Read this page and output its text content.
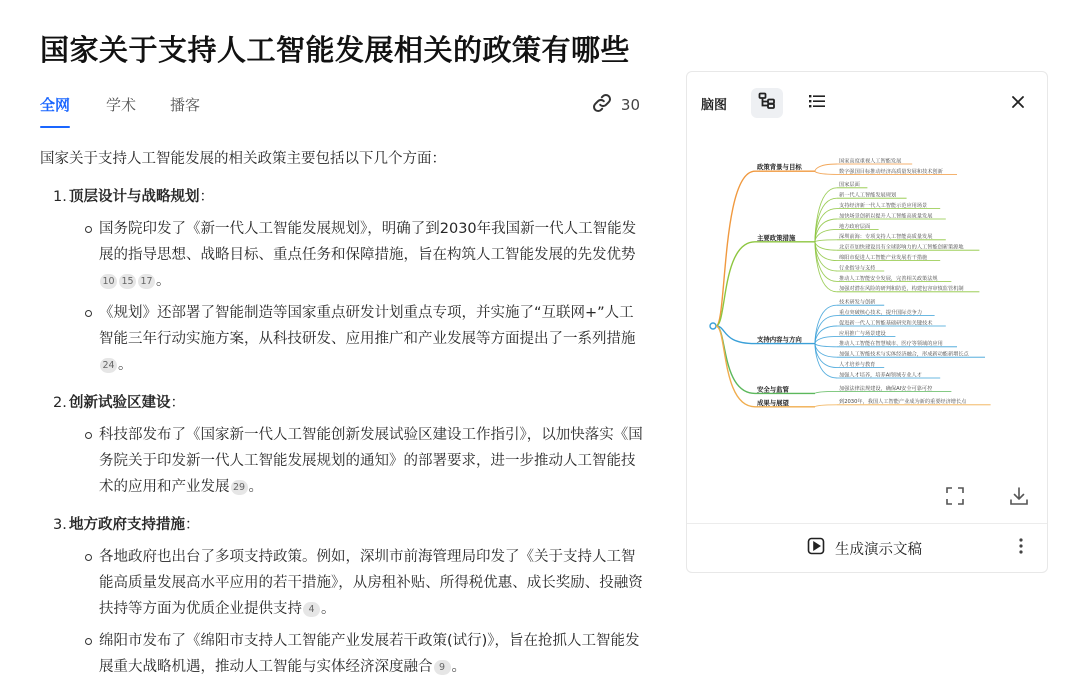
国家关于支持人工智能发展相关的政策有哪些
全网 学术 播客	30

国家关于支持人工智能发展的相关政策主要包括以下几个方面：

1. 顶层设计与战略规划：
国务院印发了《新一代人工智能发展规划》，明确了到2030年我国新一代人工智能发展的指导思想、战略目标、重点任务和保障措施，旨在构筑人工智能发展的先发优势10 15 17 。
《规划》还部署了智能制造等国家重点研发计划重点专项，并实施了“互联网+”人工智能三年行动实施方案，从科技研发、应用推广和产业发展等方面提出了一系列措施24 。
2. 创新试验区建设：
科技部发布了《国家新一代人工智能创新发展试验区建设工作指引》，以加快落实《国务院关于印发新一代人工智能发展规划的通知》的部署要求，进一步推动人工智能技术的应用和产业发展 29 。
3. 地方政府支持措施：
各地政府也出台了多项支持政策。例如，深圳市前海管理局印发了《关于支持人工智能高质量发展高水平应用的若干措施》，从房租补贴、所得税优惠、成长奖励、投融资扶持等方面为优质企业提供支持 4 。
绵阳市发布了《绵阳市支持人工智能产业发展若干政策(试行)》，旨在抢抓人工智能发展重大战略机遇，推动人工智能与实体经济深度融合 9 。
脑图
政策背景与目标
国家高度重视人工智能发展
数字强国目标推动经济高质量发展和技术创新
主要政策措施
国家层面
新一代人工智能发展规划
支持经济新一代人工智能示范应用场景
加快场景创新以提升人工智能高质量发展
地方政府层面
深圳前海：专项支持人工智能高质量发展
北京市加快建设具有全球影响力的人工智能创新策源地
绵阳市促进人工智能产业发展若干措施
行业指导与支持
推动人工智能安全发展，完善相关政策法规
加强对潜在风险的研判和防范，构建包容审慎监管机制
支持内容与方向
技术研发与创新
重点突破核心技术，提升国际竞争力
促进新一代人工智能基础研究和关键技术
应用推广与场景建设
推动人工智能在智慧城市、医疗等领域的应用
加强人工智能技术与实体经济融合，形成新动能新增长点
人才培养与教育
加强人才培养，培养AI领域专业人才
安全与监管	加强法律法规建设，确保AI安全可靠可控
成果与展望	到2030年，我国人工智能产业成为新的重要经济增长点
生成演示文稿
